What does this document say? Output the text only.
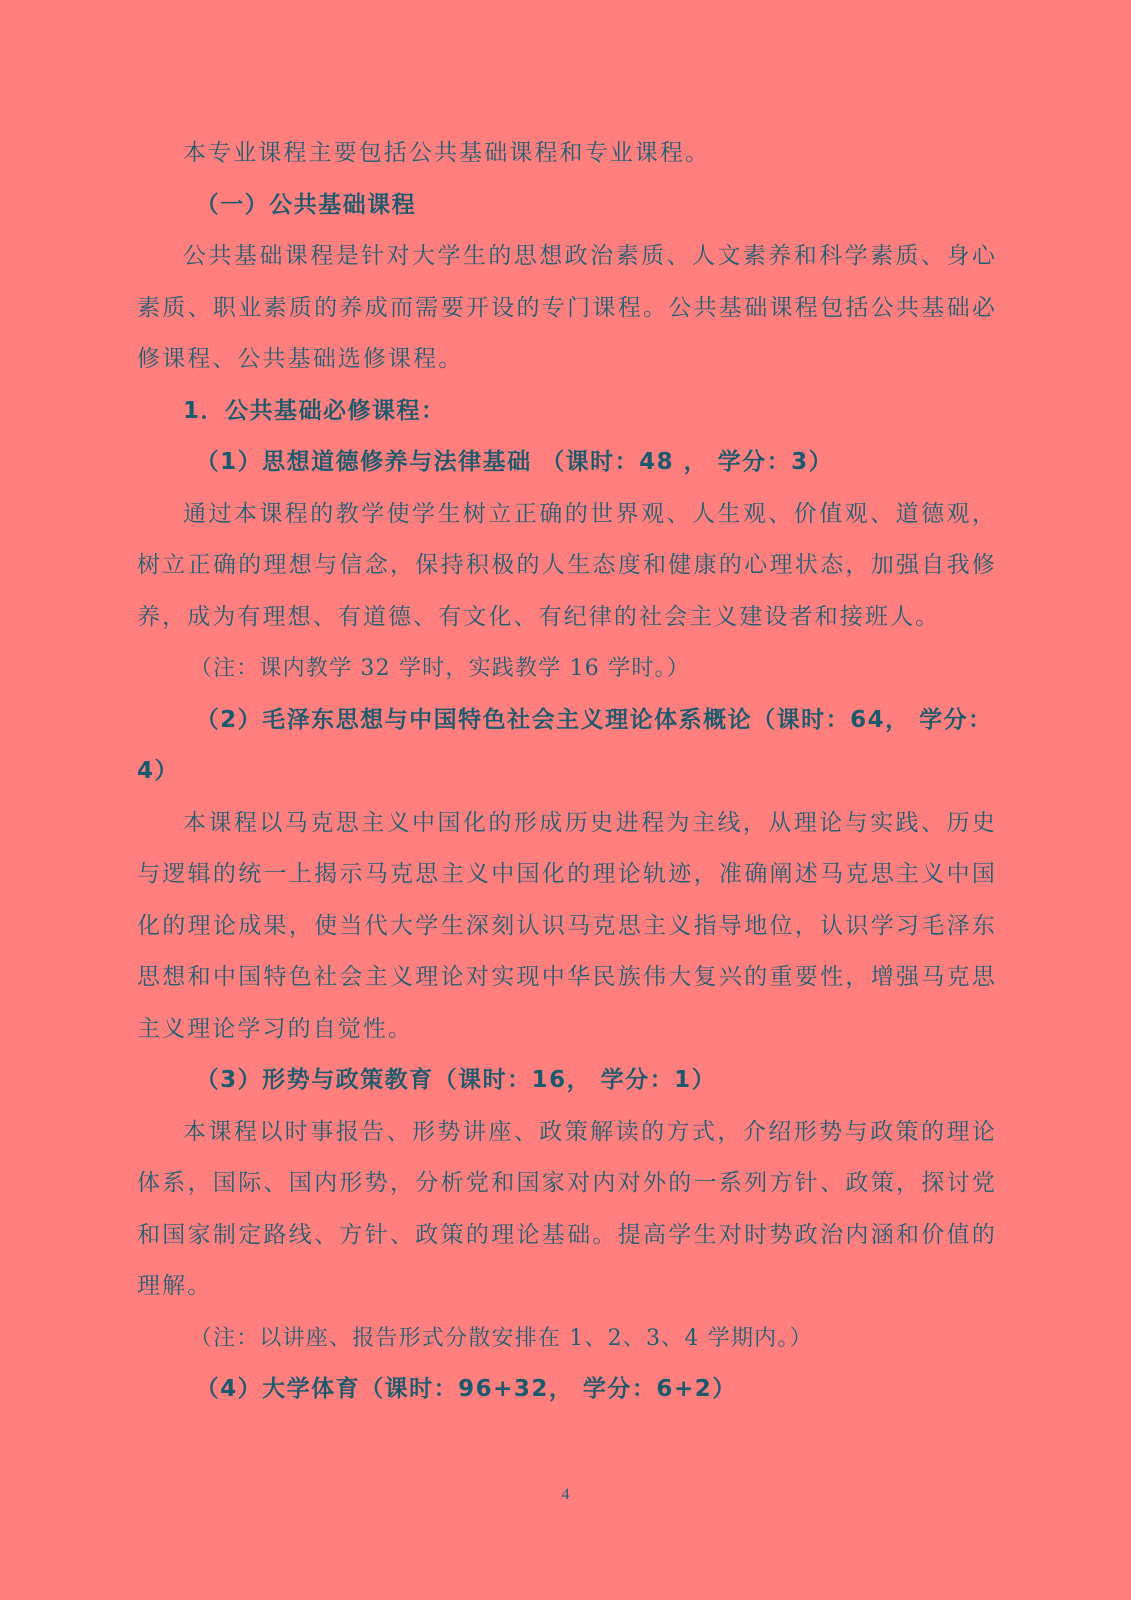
本专业课程主要包括公共基础课程和专业课程。

（一）公共基础课程

公共基础课程是针对大学生的思想政治素质、人文素养和科学素质、身心素质、职业素质的养成而需要开设的专门课程。公共基础课程包括公共基础必修课程、公共基础选修课程。

1．公共基础必修课程：

（1）思想道德修养与法律基础 （课时：48 ， 学分：3）

通过本课程的教学使学生树立正确的世界观、人生观、价值观、道德观，树立正确的理想与信念，保持积极的人生态度和健康的心理状态，加强自我修养，成为有理想、有道德、有文化、有纪律的社会主义建设者和接班人。

（注：课内教学 32 学时，实践教学 16 学时。）

（2）毛泽东思想与中国特色社会主义理论体系概论（课时：64， 学分：4）

本课程以马克思主义中国化的形成历史进程为主线，从理论与实践、历史与逻辑的统一上揭示马克思主义中国化的理论轨迹，准确阐述马克思主义中国化的理论成果，使当代大学生深刻认识马克思主义指导地位，认识学习毛泽东思想和中国特色社会主义理论对实现中华民族伟大复兴的重要性，增强马克思主义理论学习的自觉性。

（3）形势与政策教育（课时：16， 学分：1）

本课程以时事报告、形势讲座、政策解读的方式，介绍形势与政策的理论体系，国际、国内形势，分析党和国家对内对外的一系列方针、政策，探讨党和国家制定路线、方针、政策的理论基础。提高学生对时势政治内涵和价值的理解。

（注：以讲座、报告形式分散安排在 1、2、3、4 学期内。）

（4）大学体育（课时：96+32， 学分：6+2）

4
